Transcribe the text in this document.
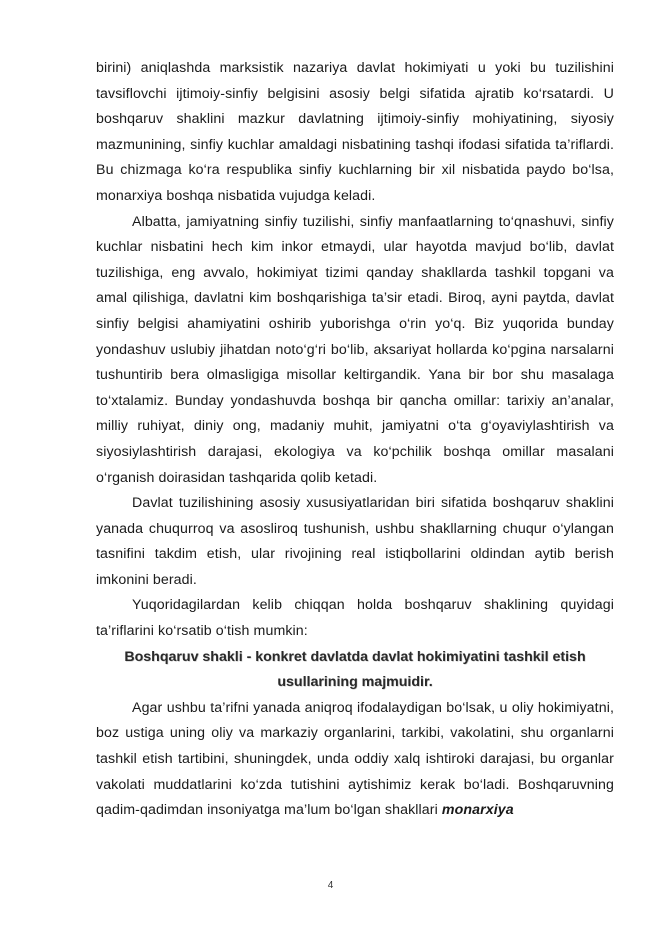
birini) aniqlashda marksistik nazariya davlat hokimiyati u yoki bu tuzilishini tavsiflovchi ijtimoiy-sinfiy belgisini asosiy belgi sifatida ajratib ko‘rsatardi. U boshqaruv shaklini mazkur davlatning ijtimoiy-sinfiy mohiyatining, siyosiy mazmunining, sinfiy kuchlar amaldagi nisbatining tashqi ifodasi sifatida ta’riflardi. Bu chizmaga ko‘ra respublika sinfiy kuchlarning bir xil nisbatida paydo bo‘lsa, monarxiya boshqa nisbatida vujudga keladi.

Albatta, jamiyatning sinfiy tuzilishi, sinfiy manfaatlarning to‘qnashuvi, sinfiy kuchlar nisbatini hech kim inkor etmaydi, ular hayotda mavjud bo‘lib, davlat tuzilishiga, eng avvalo, hokimiyat tizimi qanday shakllarda tashkil topgani va amal qilishiga, davlatni kim boshqarishiga ta’sir etadi. Biroq, ayni paytda, davlat sinfiy belgisi ahamiyatini oshirib yuborishga o‘rin yo‘q. Biz yuqorida bunday yondashuv uslubiy jihatdan noto‘g‘ri bo‘lib, aksariyat hollarda ko‘pgina narsalarni tushuntirib bera olmasligiga misollar keltirgandik. Yana bir bor shu masalaga to‘xtalamiz. Bunday yondashuvda boshqa bir qancha omillar: tarixiy an’analar, milliy ruhiyat, diniy ong, madaniy muhit, jamiyatni o‘ta g‘oyaviylashtirish va siyosiylashtirish darajasi, ekologiya va ko‘pchilik boshqa omillar masalani o‘rganish doirasidan tashqarida qolib ketadi.

Davlat tuzilishining asosiy xususiyatlaridan biri sifatida boshqaruv shaklini yanada chuqurroq va asosliroq tushunish, ushbu shakllarning chuqur o‘ylangan tasnifini takdim etish, ular rivojining real istiqbollarini oldindan aytib berish imkonini beradi.

Yuqoridagilardan kelib chiqqan holda boshqaruv shaklining quyidagi ta’riflarini ko‘rsatib o‘tish mumkin:

Boshqaruv shakli - konkret davlatda davlat hokimiyatini tashkil etish usullarining majmuidir.

Agar ushbu ta’rifni yanada aniqroq ifodalaydigan bo‘lsak, u oliy hokimiyatni, boz ustiga uning oliy va markaziy organlarini, tarkibi, vakolatini, shu organlarni tashkil etish tartibini, shuningdek, unda oddiy xalq ishtiroki darajasi, bu organlar vakolati muddatlarini ko‘zda tutishini aytishimiz kerak bo‘ladi. Boshqaruvning qadim-qadimdan insoniyatga ma’lum bo‘lgan shakllari monarxiya

4
